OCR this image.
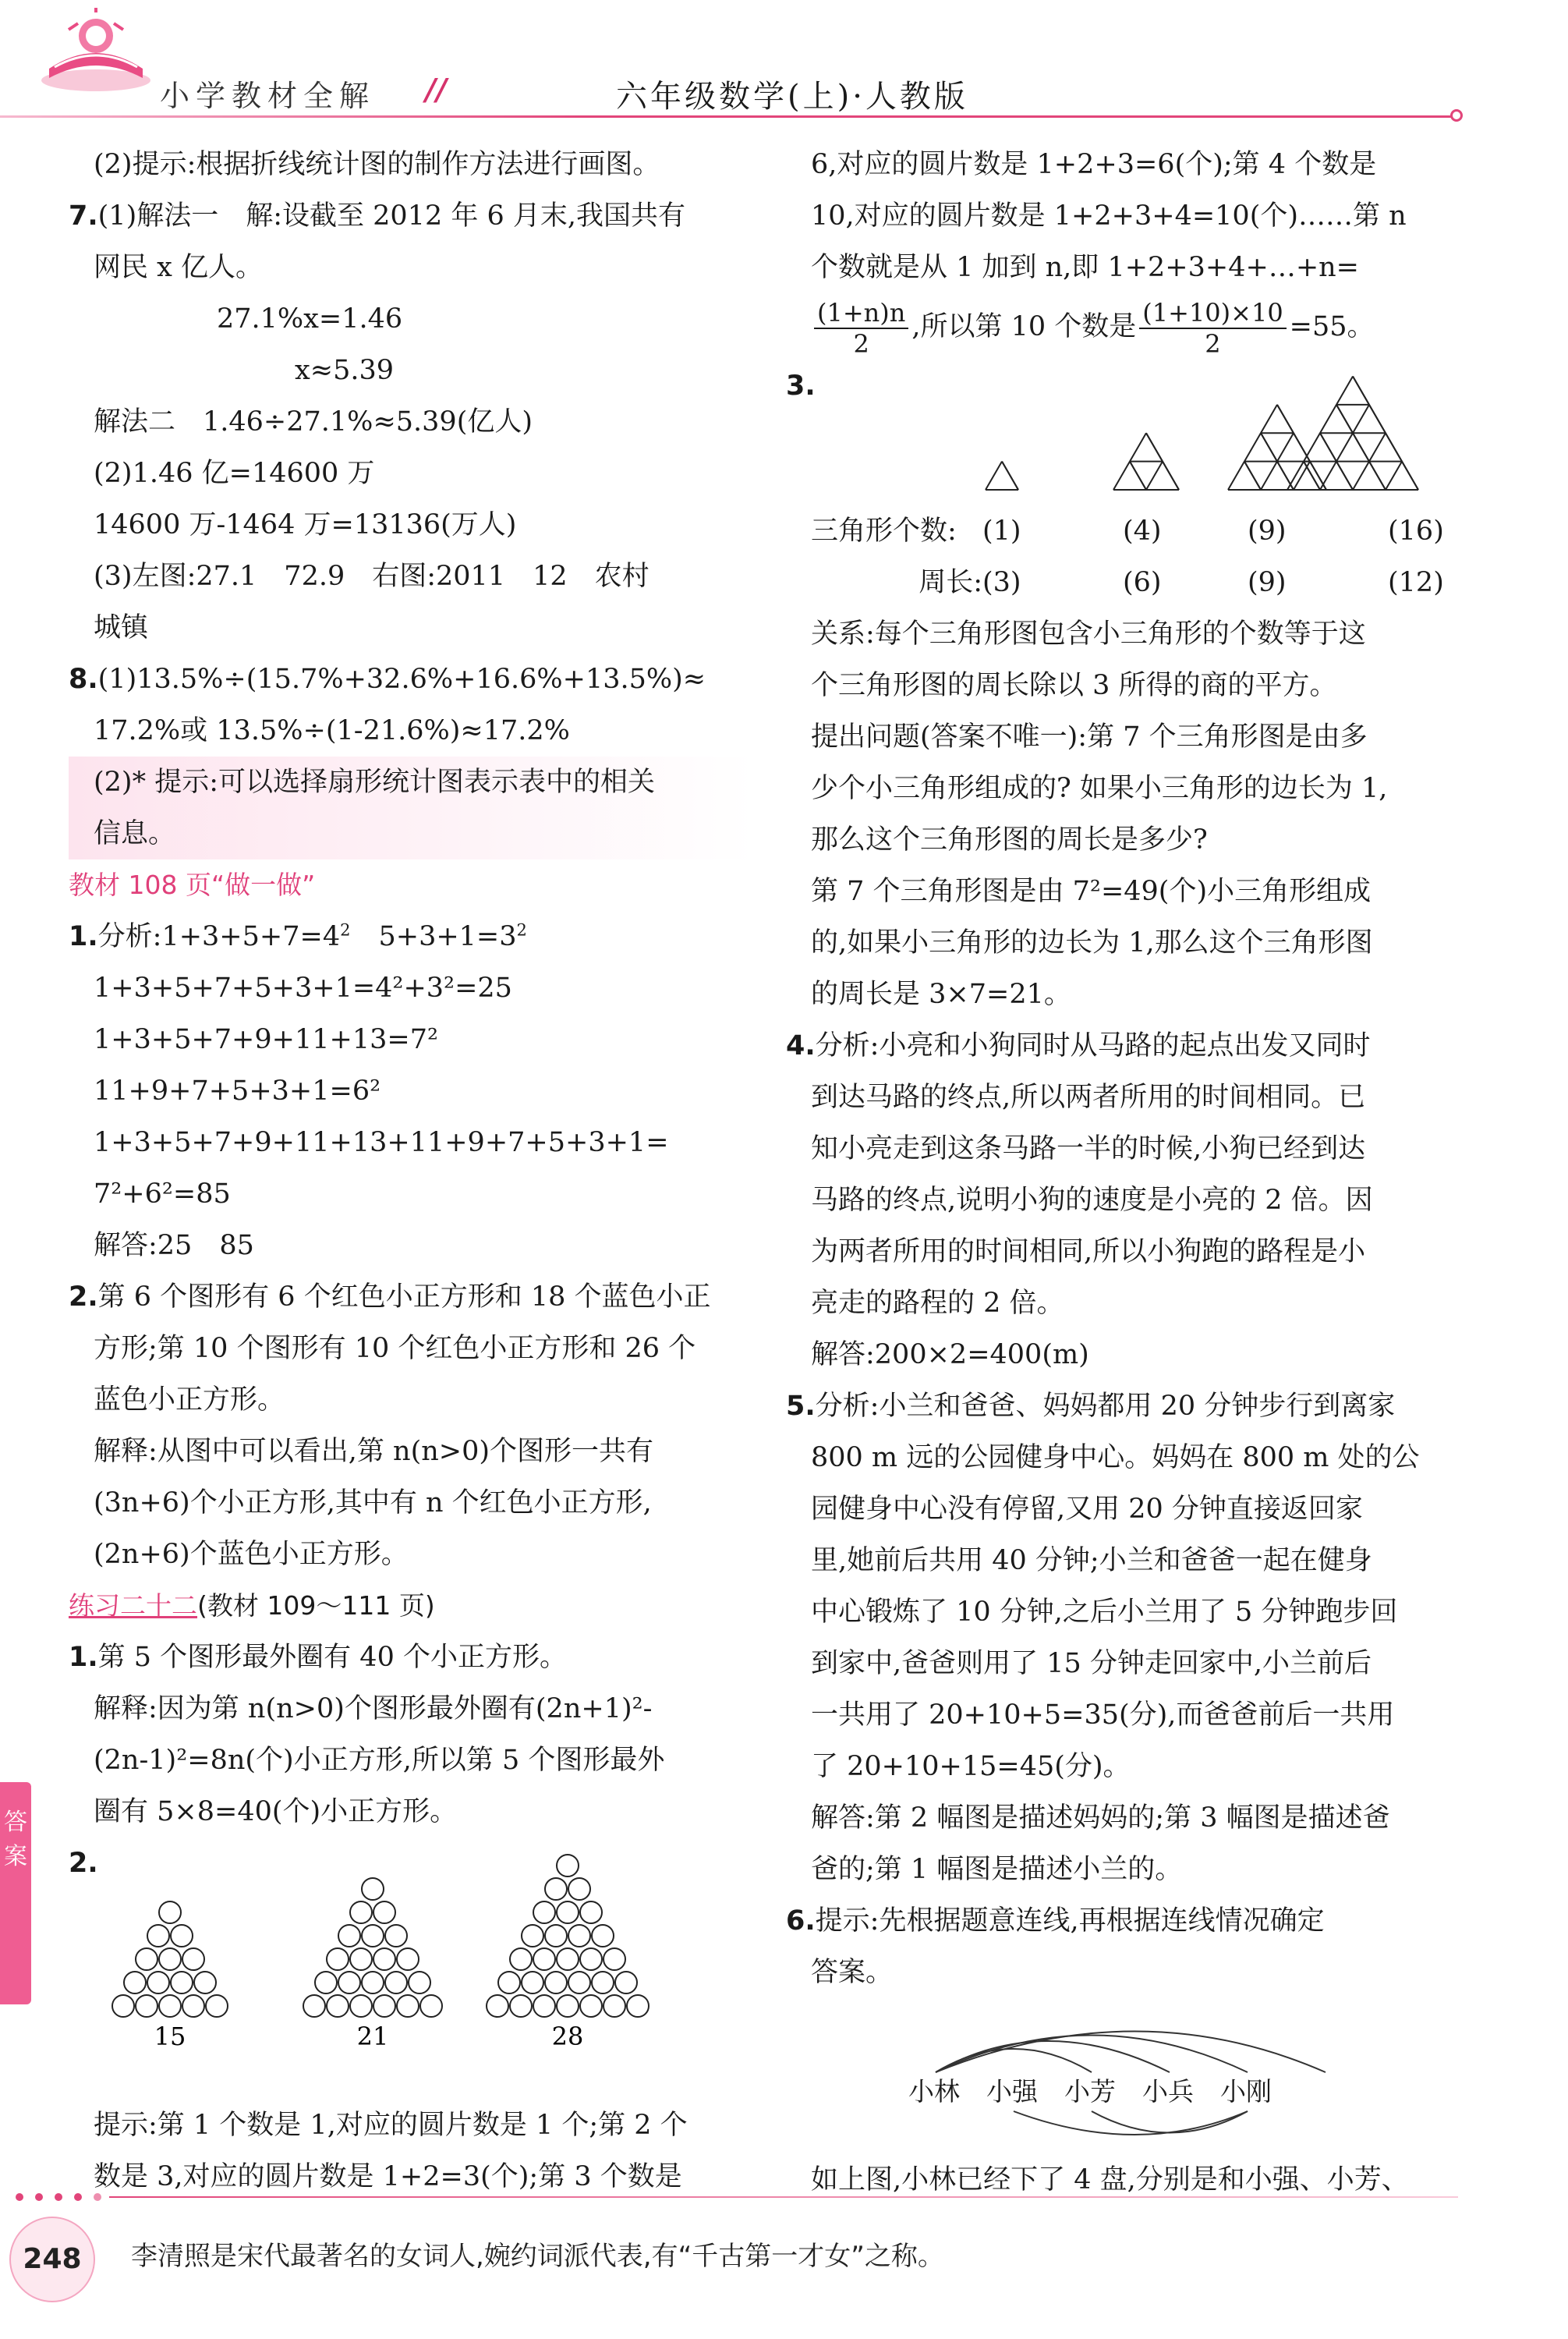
小学教材全解 //	六年级数学(上)·人教版
答案
(2)提示:根据折线统计图的制作方法进行画图。
7.(1)解法一　解:设截至 2012 年 6 月末,我国共有
网民 x 亿人。
27.1%x=1.46
x≈5.39
解法二　1.46÷27.1%≈5.39(亿人)
(2)1.46 亿=14600 万
14600 万-1464 万=13136(万人)
(3)左图:27.1　72.9　右图:2011　12　农村
城镇
8.(1)13.5%÷(15.7%+32.6%+16.6%+13.5%)≈
17.2%或 13.5%÷(1-21.6%)≈17.2%
(2)* 提示:可以选择扇形统计图表示表中的相关
信息。
教材 108 页“做一做”
1.分析$:1+3+5+7=4^2$ $5+3+1=3^2$
1+3+5+7+5+3+1=4²+3²=25
1+3+5+7+9+11+13=7²
11+9+7+5+3+1=6²
1+3+5+7+9+11+13+11+9+7+5+3+1=
7²+6²=85
解答:25　85
2.第 6 个图形有 6 个红色小正方形和 18 个蓝色小正
方形;第 10 个图形有 10 个红色小正方形和 26 个
蓝色小正方形。
解释:从图中可以看出,第 n(n>0)个图形一共有
(3n+6)个小正方形,其中有 n 个红色小正方形,
(2n+6)个蓝色小正方形。
练习二十二(教材 109～111 页)
1.第 5 个图形最外圈有 40 个小正方形。
解释:因为第 n(n>0)个图形最外圈有(2n+1)²-
(2n-1)²=8n(个)小正方形,所以第 5 个图形最外
圈有 5×8=40(个)小正方形。
2.
15	21	28
提示:第 1 个数是 1,对应的圆片数是 1 个;第 2 个
数是 3,对应的圆片数是 1+2=3(个);第 3 个数是
6,对应的圆片数是 1+2+3=6(个);第 4 个数是
10,对应的圆片数是 1+2+3+4=10(个)……第 n
个数就是从 1 加到 n,即 1+2+3+4+…+n=
$\frac{(1+n)n}{2}$ ,所以第 10 个数是 $\frac{(1+10)\times 10}{2} =55$。
3.
三角形个数: (1)	(4)	(9)	(16)
周长:(3)	(6)	(9)	(12)
关系:每个三角形图包含小三角形的个数等于这
个三角形图的周长除以 3 所得的商的平方。
提出问题(答案不唯一):第 7 个三角形图是由多
少个小三角形组成的? 如果小三角形的边长为 1,
那么这个三角形图的周长是多少?
第 7 个三角形图是由 7²=49(个)小三角形组成
的,如果小三角形的边长为 1,那么这个三角形图
的周长是 3×7=21。
4.分析:小亮和小狗同时从马路的起点出发又同时
到达马路的终点,所以两者所用的时间相同。已
知小亮走到这条马路一半的时候,小狗已经到达
马路的终点,说明小狗的速度是小亮的 2 倍。因
为两者所用的时间相同,所以小狗跑的路程是小
亮走的路程的 2 倍。
解答:200×2=400(m)
5.分析:小兰和爸爸、妈妈都用 20 分钟步行到离家
800 m 远的公园健身中心。妈妈在 800 m 处的公
园健身中心没有停留,又用 20 分钟直接返回家
里,她前后共用 40 分钟;小兰和爸爸一起在健身
中心锻炼了 10 分钟,之后小兰用了 5 分钟跑步回
到家中,爸爸则用了 15 分钟走回家中,小兰前后
一共用了 20+10+5=35(分),而爸爸前后一共用
了 20+10+15=45(分)。
解答:第 2 幅图是描述妈妈的;第 3 幅图是描述爸
爸的;第 1 幅图是描述小兰的。
6.提示:先根据题意连线,再根据连线情况确定
答案。
小林 小强 小芳 小兵 小刚
如上图,小林已经下了 4 盘,分别是和小强、小芳、
248	李清照是宋代最著名的女词人,婉约词派代表,有“千古第一才女”之称。
